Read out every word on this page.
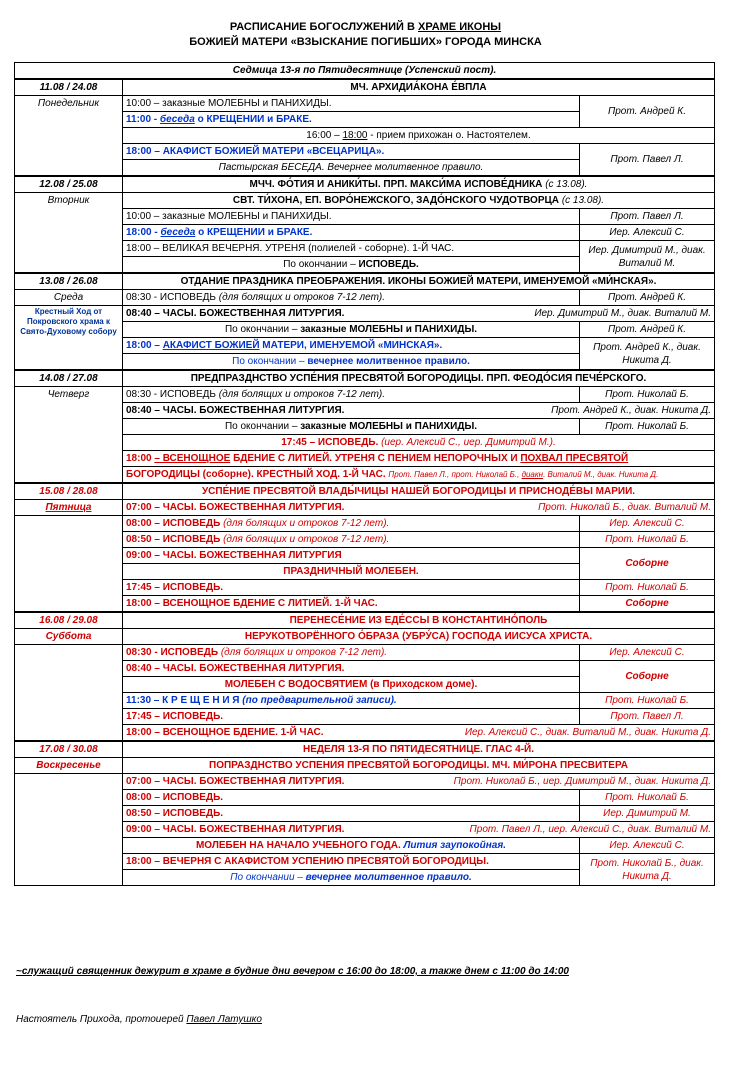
РАСПИСАНИЕ БОГОСЛУЖЕНИЙ В ХРАМЕ ИКОНЫ
БОЖИЕЙ МАТЕРИ «ВЗЫСКАНИЕ ПОГИБШИХ» ГОРОДА МИНСКА
Седмица 13-я по Пятидесятнице (Успенский пост).		
11.08 / 24.08	МЧ. АРХИДИА́КОНА Е́ВПЛА	
Понедельник	10:00 – заказные МОЛЕБНЫ и ПАНИХИДЫ.	Прот. Андрей К.
	11:00 - беседа о КРЕЩЕНИИ и БРАКЕ.	
	16:00 – 18:00 - прием прихожан о. Настоятелем.	
	18:00 – АКАФИСТ БОЖИЕЙ МАТЕРИ «ВСЕЦАРИЦА».	Прот. Павел Л.
	Пастырская БЕСЕДА. Вечернее молитвенное правило.	
12.08 / 25.08	МЧЧ. ФО́ТИЯ И АНИКИ́ТЫ. ПРП. МАКСИ́МА ИСПОВЕ́ДНИКА (с 13.08).	
Вторник	СВТ. ТИ́ХОНА, ЕП. ВОРО́НЕЖСКОГО, ЗАДО́НСКОГО ЧУДОТВОРЦА (с 13.08).	
	10:00 – заказные МОЛЕБНЫ и ПАНИХИДЫ.	Прот. Павел Л.
	18:00 - беседа о КРЕЩЕНИИ и БРАКЕ.	Иер. Алексий С.
	18:00 – ВЕЛИКАЯ ВЕЧЕРНЯ. УТРЕНЯ (полиелей - соборне). 1-Й ЧАС.	Иер. Димитрий М., диак. Виталий М.
	По окончании – ИСПОВЕДЬ.	
13.08 / 26.08	ОТДАНИЕ ПРАЗДНИКА ПРЕОБРАЖЕНИЯ. ИКОНЫ БОЖИЕЙ МАТЕРИ, ИМЕНУЕМОЙ «МИ́НСКАЯ».	
Среда	08:30 - ИСПОВЕДЬ (для болящих и отроков 7-12 лет).	Прот. Андрей К.
Крестный Ход от Покровского храма к Свято-Духовому собору	08:40 – ЧАСЫ. БОЖЕСТВЕННАЯ ЛИТУРГИЯ. Иер. Димитрий М., диак. Виталий М.	

	По окончании – заказные МОЛЕБНЫ и ПАНИХИДЫ.	Прот. Андрей К.
	18:00 – АКАФИСТ БОЖИЕЙ МАТЕРИ, ИМЕНУЕМОЙ «МИНСКАЯ».	Прот. Андрей К., диак. Никита Д.
	По окончании – вечернее молитвенное правило.	
14.08 / 27.08	ПРЕДПРАЗДНСТВО УСПЕ́НИЯ ПРЕСВЯТОЙ БОГОРОДИЦЫ. ПРП. ФЕОДО́СИЯ ПЕЧЕ́РСКОГО.	
Четверг	08:30 - ИСПОВЕДЬ (для болящих и отроков 7-12 лет).	Прот. Николай Б.
	08:40 – ЧАСЫ. БОЖЕСТВЕННАЯ ЛИТУРГИЯ. Прот. Андрей К., диак. Никита Д.	

	По окончании – заказные МОЛЕБНЫ и ПАНИХИДЫ.	Прот. Николай Б.
	17:45 – ИСПОВЕДЬ. (иер. Алексий С., иер. Димитрий М.).	
	18:00 – ВСЕНОЩНОЕ БДЕНИЕ С ЛИТИЕЙ. УТРЕНЯ С ПЕНИЕМ НЕПОРОЧНЫХ И ПОХВАЛ ПРЕСВЯТОЙ	
	БОГОРОДИЦЫ (соборне). КРЕСТНЫЙ ХОД. 1-Й ЧАС. Прот. Павел Л., прот. Николай Б., диакн. Виталий М., диак. Никита Д.	
15.08 / 28.08	УСПЕ́НИЕ ПРЕСВЯТОЙ ВЛАДЫ́ЧИЦЫ НАШЕЙ БОГОРОДИЦЫ И ПРИСНОДЕ́ВЫ МАРИИ.	
Пятница	07:00 – ЧАСЫ. БОЖЕСТВЕННАЯ ЛИТУРГИЯ. Прот. Николай Б., диак. Виталий М.	

	08:00 – ИСПОВЕДЬ (для болящих и отроков 7-12 лет).	Иер. Алексий С.
	08:50 – ИСПОВЕДЬ (для болящих и отроков 7-12 лет).	Прот. Николай Б.
	09:00 – ЧАСЫ. БОЖЕСТВЕННАЯ ЛИТУРГИЯ	Соборне
	ПРАЗДНИЧНЫЙ МОЛЕБЕН.	
	17:45 – ИСПОВЕДЬ.	Прот. Николай Б.
	18:00 – ВСЕНОЩНОЕ БДЕНИЕ С ЛИТИЕЙ. 1-Й ЧАС.	Соборне
16.08 / 29.08	ПЕРЕНЕСЕ́НИЕ ИЗ ЕДЕ́ССЫ В КОНСТАНТИНО́ПОЛЬ	
Суббота	НЕРУКОТВОРЁННОГО О́БРАЗА (УБРУ́СА) ГОСПОДА ИИСУСА ХРИСТА.	
	08:30 - ИСПОВЕДЬ (для болящих и отроков 7-12 лет).	Иер. Алексий С.
	08:40 – ЧАСЫ. БОЖЕСТВЕННАЯ ЛИТУРГИЯ.	Соборне
	МОЛЕБЕН С ВОДОСВЯТИЕМ (в Приходском доме).	
	11:30 – К Р Е Щ Е Н И Я (по предварительной записи).	Прот. Николай Б.
	17:45 – ИСПОВЕДЬ.	Прот. Павел Л.
	18:00 – ВСЕНОЩНОЕ БДЕНИЕ. 1-Й ЧАС. Иер. Алексий С., диак. Виталий М., диак. Никита Д.	

17.08 / 30.08	НЕДЕЛЯ 13-Я ПО ПЯТИДЕСЯТНИЦЕ. ГЛАС 4-Й.	
Воскресенье	ПОПРАЗДНСТВО УСПЕНИЯ ПРЕСВЯТОЙ БОГОРОДИЦЫ. МЧ. МИ́РОНА ПРЕСВИТЕРА	
	07:00 – ЧАСЫ. БОЖЕСТВЕННАЯ ЛИТУРГИЯ. Прот. Николай Б., иер. Димитрий М., диак. Никита Д.	

	08:00 – ИСПОВЕДЬ.	Прот. Николай Б.
	08:50 – ИСПОВЕДЬ.	Иер. Димитрий М.
	09:00 – ЧАСЫ. БОЖЕСТВЕННАЯ ЛИТУРГИЯ. Прот. Павел Л., иер. Алексий С., диак. Виталий М.	

	МОЛЕБЕН НА НАЧАЛО УЧЕБНОГО ГОДА. Лития заупокойная.	Иер. Алексий С.
	18:00 – ВЕЧЕРНЯ С АКАФИСТОМ УСПЕНИЮ ПРЕСВЯТОЙ БОГОРОДИЦЫ.	Прот. Николай Б., диак. Никита Д.
	По окончании – вечернее молитвенное правило.	
~служащий священник дежурит в храме в будние дни вечером с 16:00 до 18:00, а также днем с 11:00 до 14:00
Настоятель Прихода, протоиерей Павел Латушко
